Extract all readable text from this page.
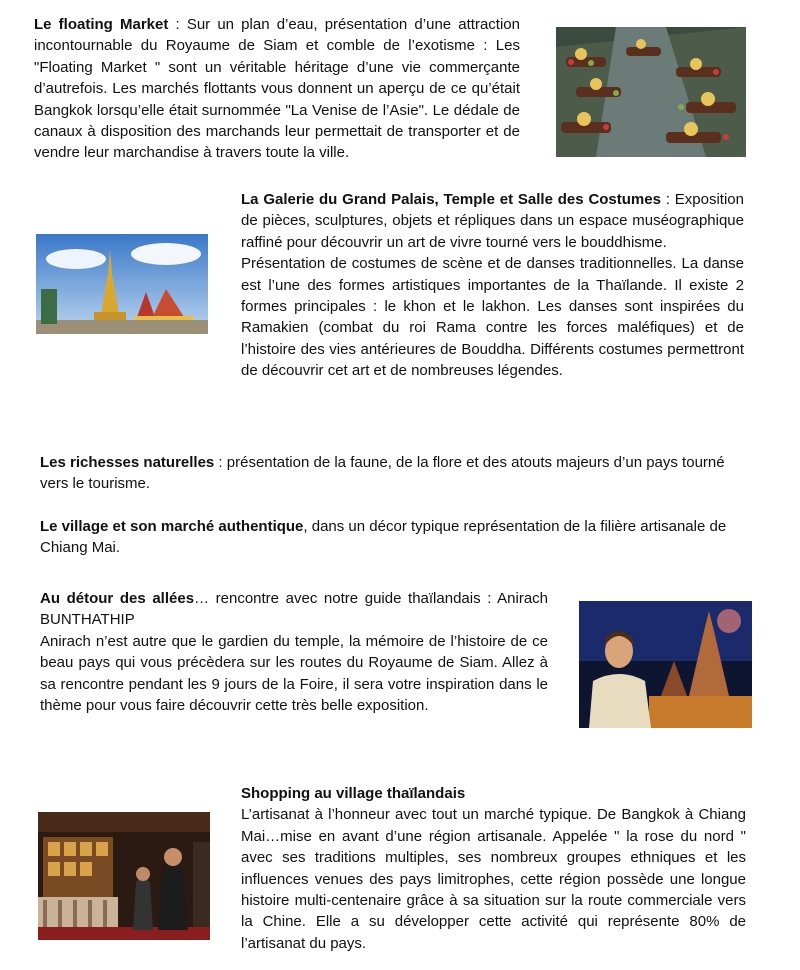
Le floating Market : Sur un plan d’eau, présentation d’une attraction incontournable du Royaume de Siam et comble de l’exotisme : Les "Floating Market " sont un véritable héritage d’une vie commerçante d’autrefois. Les marchés flottants vous donnent un aperçu de ce qu’était Bangkok lorsqu’elle était surnommée "La Venise de l’Asie". Le dédale de canaux à disposition des marchands leur permettait de transporter et de vendre leur marchandise à travers toute la ville.

La Galerie du Grand Palais, Temple et Salle des Costumes : Exposition de pièces, sculptures, objets et répliques dans un espace muséographique raffiné pour découvrir un art de vivre tourné vers le bouddhisme.

Présentation de costumes de scène et de danses traditionnelles. La danse est l’une des formes artistiques importantes de la Thaïlande. Il existe 2 formes principales : le khon et le lakhon. Les danses sont inspirées du Ramakien (combat du roi Rama contre les forces maléfiques) et de l’histoire des vies antérieures de Bouddha. Différents costumes permettront de découvrir cet art et de nombreuses légendes.

Les richesses naturelles : présentation de la faune, de la flore et des atouts majeurs d’un pays tourné vers le tourisme.

Le village et son marché authentique, dans un décor typique représentation de la filière artisanale de Chiang Mai.

Au détour des allées… rencontre avec notre guide thaïlandais : Anirach BUNTHATHIP

Anirach n’est autre que le gardien du temple, la mémoire de l’histoire de ce beau pays qui vous précèdera sur les routes du Royaume de Siam. Allez à sa rencontre pendant les 9 jours de la Foire, il sera votre inspiration dans le thème pour vous faire découvrir cette très belle exposition.

Shopping au village thaïlandais

L’artisanat à l’honneur avec tout un marché typique. De Bangkok à Chiang Mai…mise en avant d’une région artisanale. Appelée " la rose du nord " avec ses traditions multiples, ses nombreux groupes ethniques et les influences venues des pays limitrophes, cette région possède une longue histoire multi-centenaire grâce à sa situation sur la route commerciale vers la Chine. Elle a su développer cette activité qui représente 80% de l’artisanat du pays.
